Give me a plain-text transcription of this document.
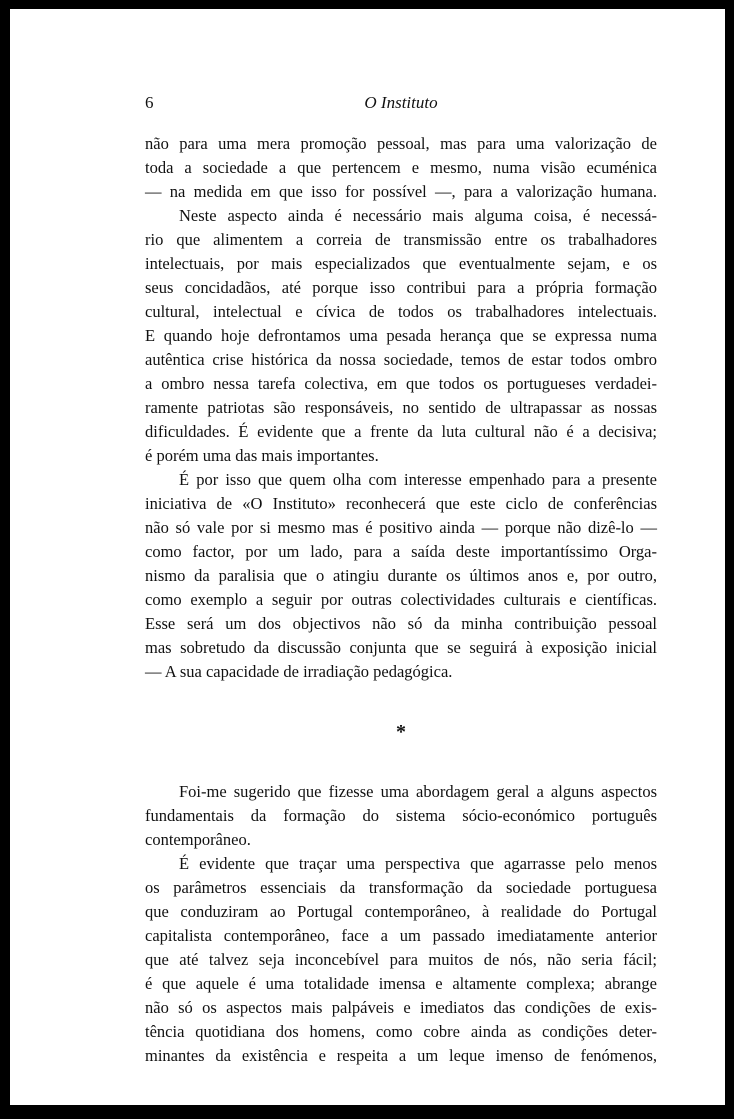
6	O Instituto
não para uma mera promoção pessoal, mas para uma valorização de
toda a sociedade a que pertencem e mesmo, numa visão ecuménica
— na medida em que isso for possível —, para a valorização humana.
Neste aspecto ainda é necessário mais alguma coisa, é necessá-
rio que alimentem a correia de transmissão entre os trabalhadores
intelectuais, por mais especializados que eventualmente sejam, e os
seus concidadãos, até porque isso contribui para a própria formação
cultural, intelectual e cívica de todos os trabalhadores intelectuais.
E quando hoje defrontamos uma pesada herança que se expressa numa
autêntica crise histórica da nossa sociedade, temos de estar todos ombro
a ombro nessa tarefa colectiva, em que todos os portugueses verdadei-
ramente patriotas são responsáveis, no sentido de ultrapassar as nossas
dificuldades. É evidente que a frente da luta cultural não é a decisiva;
é porém uma das mais importantes.
É por isso que quem olha com interesse empenhado para a presente
iniciativa de «O Instituto» reconhecerá que este ciclo de conferências
não só vale por si mesmo mas é positivo ainda — porque não dizê-lo —
como factor, por um lado, para a saída deste importantíssimo Orga-
nismo da paralisia que o atingiu durante os últimos anos e, por outro,
como exemplo a seguir por outras colectividades culturais e científicas.
Esse será um dos objectivos não só da minha contribuição pessoal
mas sobretudo da discussão conjunta que se seguirá à exposição inicial
— A sua capacidade de irradiação pedagógica.
*
Foi-me sugerido que fizesse uma abordagem geral a alguns aspectos
fundamentais da formação do sistema sócio-económico português
contemporâneo.
É evidente que traçar uma perspectiva que agarrasse pelo menos
os parâmetros essenciais da transformação da sociedade portuguesa
que conduziram ao Portugal contemporâneo, à realidade do Portugal
capitalista contemporâneo, face a um passado imediatamente anterior
que até talvez seja inconcebível para muitos de nós, não seria fácil;
é que aquele é uma totalidade imensa e altamente complexa; abrange
não só os aspectos mais palpáveis e imediatos das condições de exis-
tência quotidiana dos homens, como cobre ainda as condições deter-
minantes da existência e respeita a um leque imenso de fenómenos,
